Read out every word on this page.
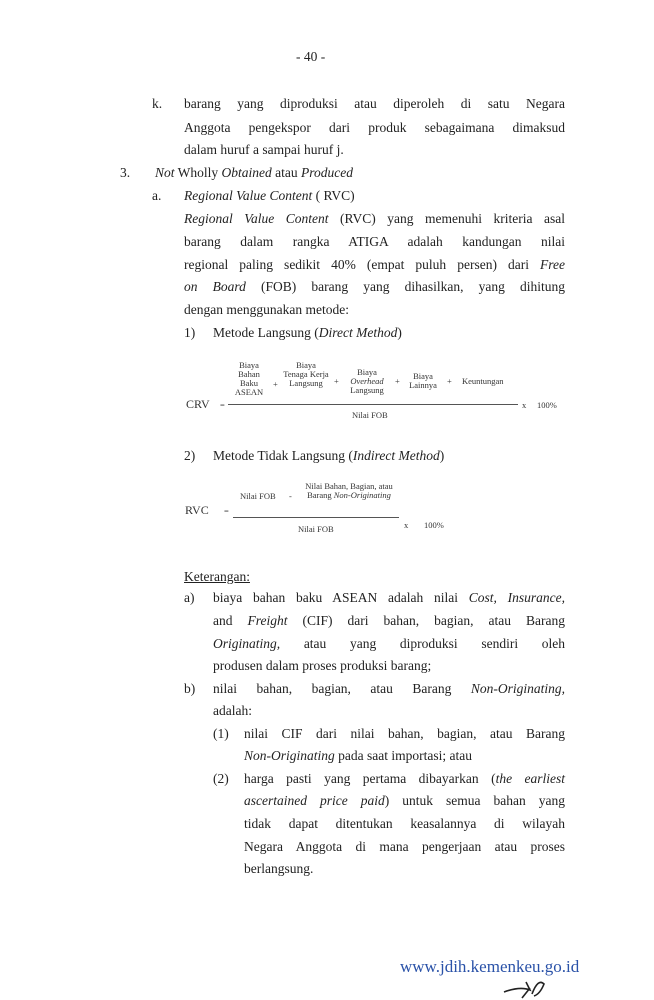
- 40 -
k. barang yang diproduksi atau diperoleh di satu Negara
Anggota pengekspor dari produk sebagaimana dimaksud
dalam huruf a sampai huruf j.
3. Not Wholly Obtained atau Produced
a. Regional Value Content ( RVC)
Regional Value Content (RVC) yang memenuhi kriteria asal
barang dalam rangka ATIGA adalah kandungan nilai
regional paling sedikit 40% (empat puluh persen) dari Free
on Board (FOB) barang yang dihasilkan, yang dihitung
dengan menggunakan metode:
1) Metode Langsung (Direct Method)
CRV =
Biaya Bahan Baku ASEAN
+
Biaya Tenaga Kerja Langsung	+
Biaya
Overhead
Langsung
+	Biaya Lainnya	+ Keuntungan
Nilai FOB
x 100%
2) Metode Tidak Langsung (Indirect Method)
RVC =
Nilai FOB -
Nilai Bahan, Bagian, atau Barang Non-Originating
Nilai FOB	x 100%
Keterangan:
a) biaya bahan baku ASEAN adalah nilai Cost, Insurance,
and Freight (CIF) dari bahan, bagian, atau Barang
Originating, atau yang diproduksi sendiri oleh
produsen dalam proses produksi barang;
b) nilai bahan, bagian, atau Barang Non-Originating,
adalah:
(1) nilai CIF dari nilai bahan, bagian, atau Barang
Non-Originating pada saat importasi; atau
(2) harga pasti yang pertama dibayarkan (the earliest
ascertained price paid) untuk semua bahan yang
tidak dapat ditentukan keasalannya di wilayah
Negara Anggota di mana pengerjaan atau proses
berlangsung.
www.jdih.kemenkeu.go.id
